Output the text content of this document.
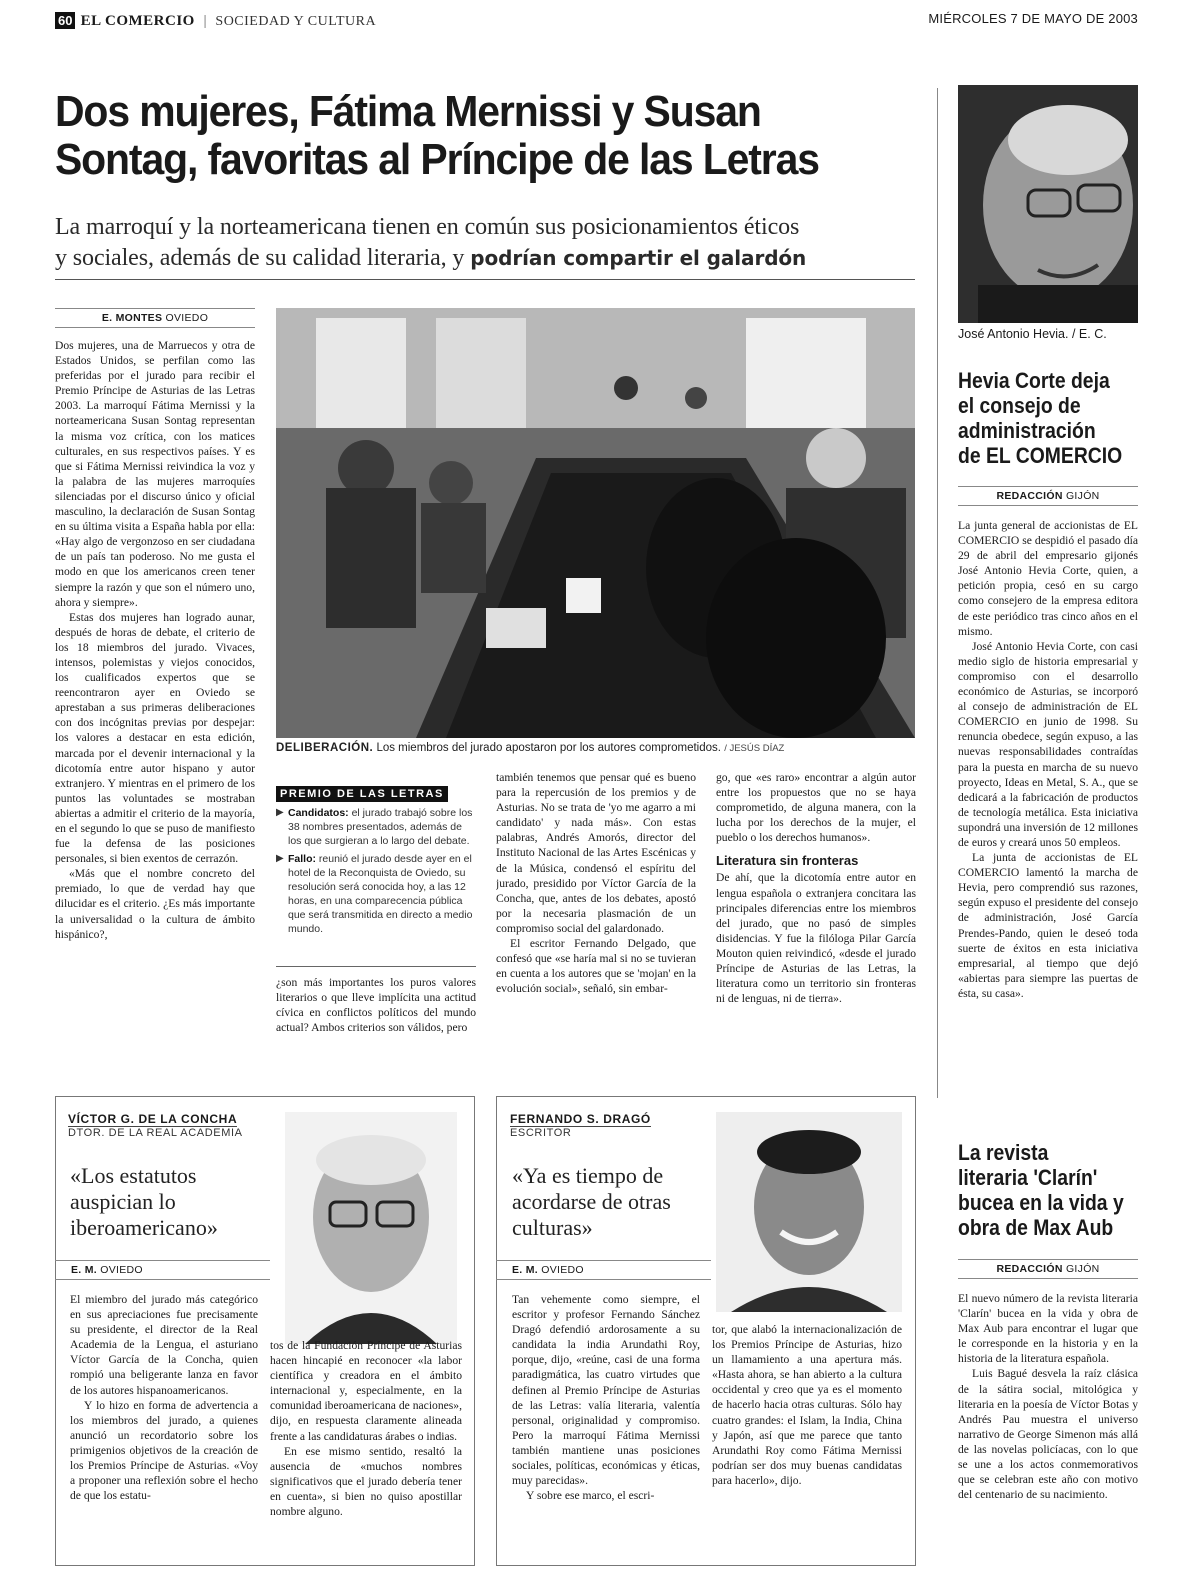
60 EL COMERCIO | SOCIEDAD Y CULTURA	MIÉRCOLES 7 DE MAYO DE 2003
Dos mujeres, Fátima Mernissi y Susan
Sontag, favoritas al Príncipe de las Letras
La marroquí y la norteamericana tienen en común sus posicionamientos éticos
y sociales, además de su calidad literaria, y podrían compartir el galardón
E. MONTES OVIEDO

Dos mujeres, una de Marruecos y otra de Estados Unidos, se perfilan como las preferidas por el jurado para recibir el Premio Príncipe de Asturias de las Letras 2003. La marroquí Fátima Mernissi y la norteamericana Susan Sontag representan la misma voz crítica, con los matices culturales, en sus respectivos países. Y es que si Fátima Mernissi reivindica la voz y la palabra de las mujeres marroquíes silenciadas por el discurso único y oficial masculino, la declaración de Susan Sontag en su última visita a España habla por ella: «Hay algo de vergonzoso en ser ciudadana de un país tan poderoso. No me gusta el modo en que los americanos creen tener siempre la razón y que son el número uno, ahora y siempre».

Estas dos mujeres han logrado aunar, después de horas de debate, el criterio de los 18 miembros del jurado. Vivaces, intensos, polemistas y viejos conocidos, los cualificados expertos que se reencontraron ayer en Oviedo se aprestaban a sus primeras deliberaciones con dos incógnitas previas por despejar: los valores a destacar en esta edición, marcada por el devenir internacional y la dicotomía entre autor hispano y autor extranjero. Y mientras en el primero de los puntos las voluntades se mostraban abiertas a admitir el criterio de la mayoría, en el segundo lo que se puso de manifiesto fue la defensa de las posiciones personales, si bien exentos de cerrazón.

«Más que el nombre concreto del premiado, lo que de verdad hay que dilucidar es el criterio. ¿Es más importante la universalidad o la cultura de ámbito hispánico?,

DELIBERACIÓN. Los miembros del jurado apostaron por los autores comprometidos. / JESÚS DÍAZ
PREMIO DE LAS LETRAS

▶ Candidatos: el jurado trabajó sobre los 38 nombres presentados, además de los que surgieran a lo largo del debate.

▶ Fallo: reunió el jurado desde ayer en el hotel de la Reconquista de Oviedo, su resolución será conocida hoy, a las 12 horas, en una comparecencia pública que será transmitida en directo a medio mundo.

¿son más importantes los puros valores literarios o que lleve implícita una actitud cívica en conflictos políticos del mundo actual? Ambos criterios son válidos, pero

también tenemos que pensar qué es bueno para la repercusión de los premios y de Asturias. No se trata de 'yo me agarro a mi candidato' y nada más». Con estas palabras, Andrés Amorós, director del Instituto Nacional de las Artes Escénicas y de la Música, condensó el espíritu del jurado, presidido por Víctor García de la Concha, que, antes de los debates, apostó por la necesaria plasmación de un compromiso social del galardonado.

El escritor Fernando Delgado, que confesó que «se haría mal si no se tuvieran en cuenta a los autores que se 'mojan' en la evolución social», señaló, sin embar-

go, que «es raro» encontrar a algún autor entre los propuestos que no se haya comprometido, de alguna manera, con la lucha por los derechos de la mujer, el pueblo o los derechos humanos».

Literatura sin fronteras

De ahí, que la dicotomía entre autor en lengua española o extranjera concitara las principales diferencias entre los miembros del jurado, que no pasó de simples disidencias. Y fue la filóloga Pilar García Mouton quien reivindicó, «desde el jurado Príncipe de Asturias de las Letras, la literatura como un territorio sin fronteras ni de lenguas, ni de tierra».

José Antonio Hevia. / E. C.
Hevia Corte deja
el consejo de
administración
de EL COMERCIO
REDACCIÓN GIJÓN

La junta general de accionistas de EL COMERCIO se despidió el pasado día 29 de abril del empresario gijonés José Antonio Hevia Corte, quien, a petición propia, cesó en su cargo como consejero de la empresa editora de este periódico tras cinco años en el mismo.

José Antonio Hevia Corte, con casi medio siglo de historia empresarial y compromiso con el desarrollo económico de Asturias, se incorporó al consejo de administración de EL COMERCIO en junio de 1998. Su renuncia obedece, según expuso, a las nuevas responsabilidades contraídas para la puesta en marcha de su nuevo proyecto, Ideas en Metal, S. A., que se dedicará a la fabricación de productos de tecnología metálica. Esta iniciativa supondrá una inversión de 12 millones de euros y creará unos 50 empleos.

La junta de accionistas de EL COMERCIO lamentó la marcha de Hevia, pero comprendió sus razones, según expuso el presidente del consejo de administración, José García Prendes-Pando, quien le deseó toda suerte de éxitos en esta iniciativa empresarial, al tiempo que dejó «abiertas para siempre las puertas de ésta, su casa».

La revista
literaria 'Clarín'
bucea en la vida y
obra de Max Aub
REDACCIÓN GIJÓN

El nuevo número de la revista literaria 'Clarín' bucea en la vida y obra de Max Aub para encontrar el lugar que le corresponde en la historia y en la historia de la literatura española.

Luis Bagué desvela la raíz clásica de la sátira social, mitológica y literaria en la poesía de Víctor Botas y Andrés Pau muestra el universo narrativo de George Simenon más allá de las novelas policíacas, con lo que se une a los actos conmemorativos que se celebran este año con motivo del centenario de su nacimiento.

VÍCTOR G. DE LA CONCHA
DTOR. DE LA REAL ACADEMIA
«Los estatutos auspician lo iberoamericano»
E. M. OVIEDO

El miembro del jurado más categórico en sus apreciaciones fue precisamente su presidente, el director de la Real Academia de la Lengua, el asturiano Víctor García de la Concha, quien rompió una beligerante lanza en favor de los autores hispanoamericanos.

Y lo hizo en forma de advertencia a los miembros del jurado, a quienes anunció un recordatorio sobre los primigenios objetivos de la creación de los Premios Príncipe de Asturias. «Voy a proponer una reflexión sobre el hecho de que los estatu-

tos de la Fundación Príncipe de Asturias hacen hincapié en reconocer «la labor científica y creadora en el ámbito internacional y, especialmente, en la comunidad iberoamericana de naciones», dijo, en respuesta claramente alineada frente a las candidaturas árabes o indias.

En ese mismo sentido, resaltó la ausencia de «muchos nombres significativos que el jurado debería tener en cuenta», si bien no quiso apostillar nombre alguno.

FERNANDO S. DRAGÓ
ESCRITOR
«Ya es tiempo de acordarse de otras culturas»
E. M. OVIEDO

Tan vehemente como siempre, el escritor y profesor Fernando Sánchez Dragó defendió ardorosamente a su candidata la india Arundathi Roy, porque, dijo, «reúne, casi de una forma paradigmática, las cuatro virtudes que definen al Premio Príncipe de Asturias de las Letras: valía literaria, valentía personal, originalidad y compromiso. Pero la marroquí Fátima Mernissi también mantiene unas posiciones sociales, políticas, económicas y éticas, muy parecidas».

Y sobre ese marco, el escri-

tor, que alabó la internacionalización de los Premios Príncipe de Asturias, hizo un llamamiento a una apertura más. «Hasta ahora, se han abierto a la cultura occidental y creo que ya es el momento de hacerlo hacia otras culturas. Sólo hay cuatro grandes: el Islam, la India, China y Japón, así que me parece que tanto Arundathi Roy como Fátima Mernissi podrían ser dos muy buenas candidatas para hacerlo», dijo.
